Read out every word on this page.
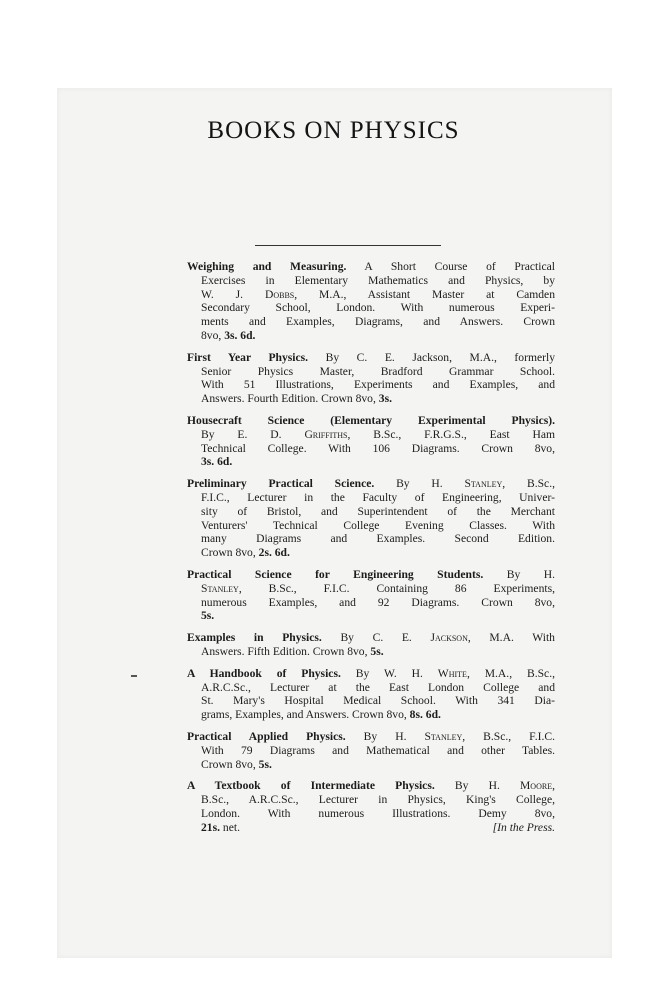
BOOKS ON PHYSICS
Weighing and Measuring. A Short Course of Practical
Exercises in Elementary Mathematics and Physics, by
W. J. Dobbs, M.A., Assistant Master at Camden
Secondary School, London. With numerous Experi-
ments and Examples, Diagrams, and Answers. Crown
8vo, 3s. 6d.
First Year Physics. By C. E. Jackson, M.A., formerly
Senior Physics Master, Bradford Grammar School.
With 51 Illustrations, Experiments and Examples, and
Answers. Fourth Edition. Crown 8vo, 3s.
Housecraft Science (Elementary Experimental Physics).
By E. D. Griffiths, B.Sc., F.R.G.S., East Ham
Technical College. With 106 Diagrams. Crown 8vo,
3s. 6d.
Preliminary Practical Science. By H. Stanley, B.Sc.,
F.I.C., Lecturer in the Faculty of Engineering, Univer-
sity of Bristol, and Superintendent of the Merchant
Venturers' Technical College Evening Classes. With
many Diagrams and Examples. Second Edition.
Crown 8vo, 2s. 6d.
Practical Science for Engineering Students. By H.
Stanley, B.Sc., F.I.C. Containing 86 Experiments,
numerous Examples, and 92 Diagrams. Crown 8vo,
5s.
Examples in Physics. By C. E. Jackson, M.A. With
Answers. Fifth Edition. Crown 8vo, 5s.
A Handbook of Physics. By W. H. White, M.A., B.Sc.,
A.R.C.Sc., Lecturer at the East London College and
St. Mary's Hospital Medical School. With 341 Dia-
grams, Examples, and Answers. Crown 8vo, 8s. 6d.
Practical Applied Physics. By H. Stanley, B.Sc., F.I.C.
With 79 Diagrams and Mathematical and other Tables.
Crown 8vo, 5s.
A Textbook of Intermediate Physics. By H. Moore,
B.Sc., A.R.C.Sc., Lecturer in Physics, King's College,
London. With numerous Illustrations. Demy 8vo,
21s. net.	[In the Press.
